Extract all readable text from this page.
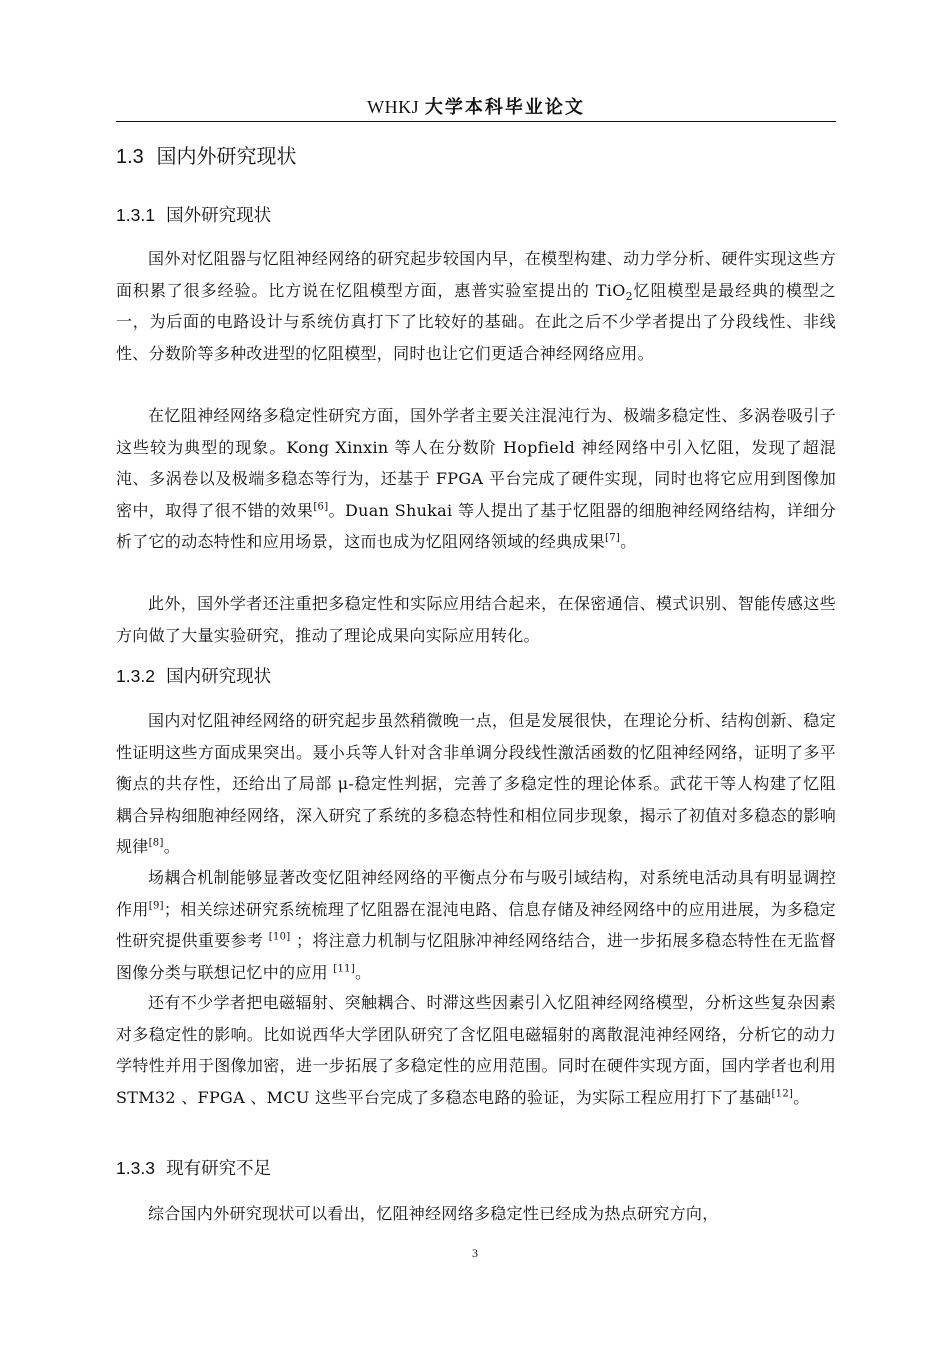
WHKJ 大学本科毕业论文
1.3 国内外研究现状
1.3.1 国外研究现状
国外对忆阻器与忆阻神经网络的研究起步较国内早，在模型构建、动力学分析、硬件实现这些方面积累了很多经验。比方说在忆阻模型方面，惠普实验室提出的 TiO$_2$忆阻模型是最经典的模型之一，为后面的电路设计与系统仿真打下了比较好的基础。在此之后不少学者提出了分段线性、非线性、分数阶等多种改进型的忆阻模型，同时也让它们更适合神经网络应用。
在忆阻神经网络多稳定性研究方面，国外学者主要关注混沌行为、极端多稳定性、多涡卷吸引子这些较为典型的现象。Kong Xinxin 等人在分数阶 Hopfield 神经网络中引入忆阻，发现了超混沌、多涡卷以及极端多稳态等行为，还基于 FPGA 平台完成了硬件实现，同时也将它应用到图像加密中，取得了很不错的效果[6]。Duan Shukai 等人提出了基于忆阻器的细胞神经网络结构，详细分析了它的动态特性和应用场景，这而也成为忆阻网络领域的经典成果[7]。
此外，国外学者还注重把多稳定性和实际应用结合起来，在保密通信、模式识别、智能传感这些方向做了大量实验研究，推动了理论成果向实际应用转化。
1.3.2 国内研究现状
国内对忆阻神经网络的研究起步虽然稍微晚一点，但是发展很快，在理论分析、结构创新、稳定性证明这些方面成果突出。聂小兵等人针对含非单调分段线性激活函数的忆阻神经网络，证明了多平衡点的共存性，还给出了局部 μ-稳定性判据，完善了多稳定性的理论体系。武花干等人构建了忆阻耦合异构细胞神经网络，深入研究了系统的多稳态特性和相位同步现象，揭示了初值对多稳态的影响规律[8]。
场耦合机制能够显著改变忆阻神经网络的平衡点分布与吸引域结构，对系统电活动具有明显调控作用[9]；相关综述研究系统梳理了忆阻器在混沌电路、信息存储及神经网络中的应用进展，为多稳定性研究提供重要参考 [10] ；将注意力机制与忆阻脉冲神经网络结合，进一步拓展多稳态特性在无监督图像分类与联想记忆中的应用 [11]。
还有不少学者把电磁辐射、突触耦合、时滞这些因素引入忆阻神经网络模型，分析这些复杂因素对多稳定性的影响。比如说西华大学团队研究了含忆阻电磁辐射的离散混沌神经网络，分析它的动力学特性并用于图像加密，进一步拓展了多稳定性的应用范围。同时在硬件实现方面，国内学者也利用 STM32 、FPGA 、MCU 这些平台完成了多稳态电路的验证，为实际工程应用打下了基础[12]。
1.3.3 现有研究不足
综合国内外研究现状可以看出，忆阻神经网络多稳定性已经成为热点研究方向，
3
